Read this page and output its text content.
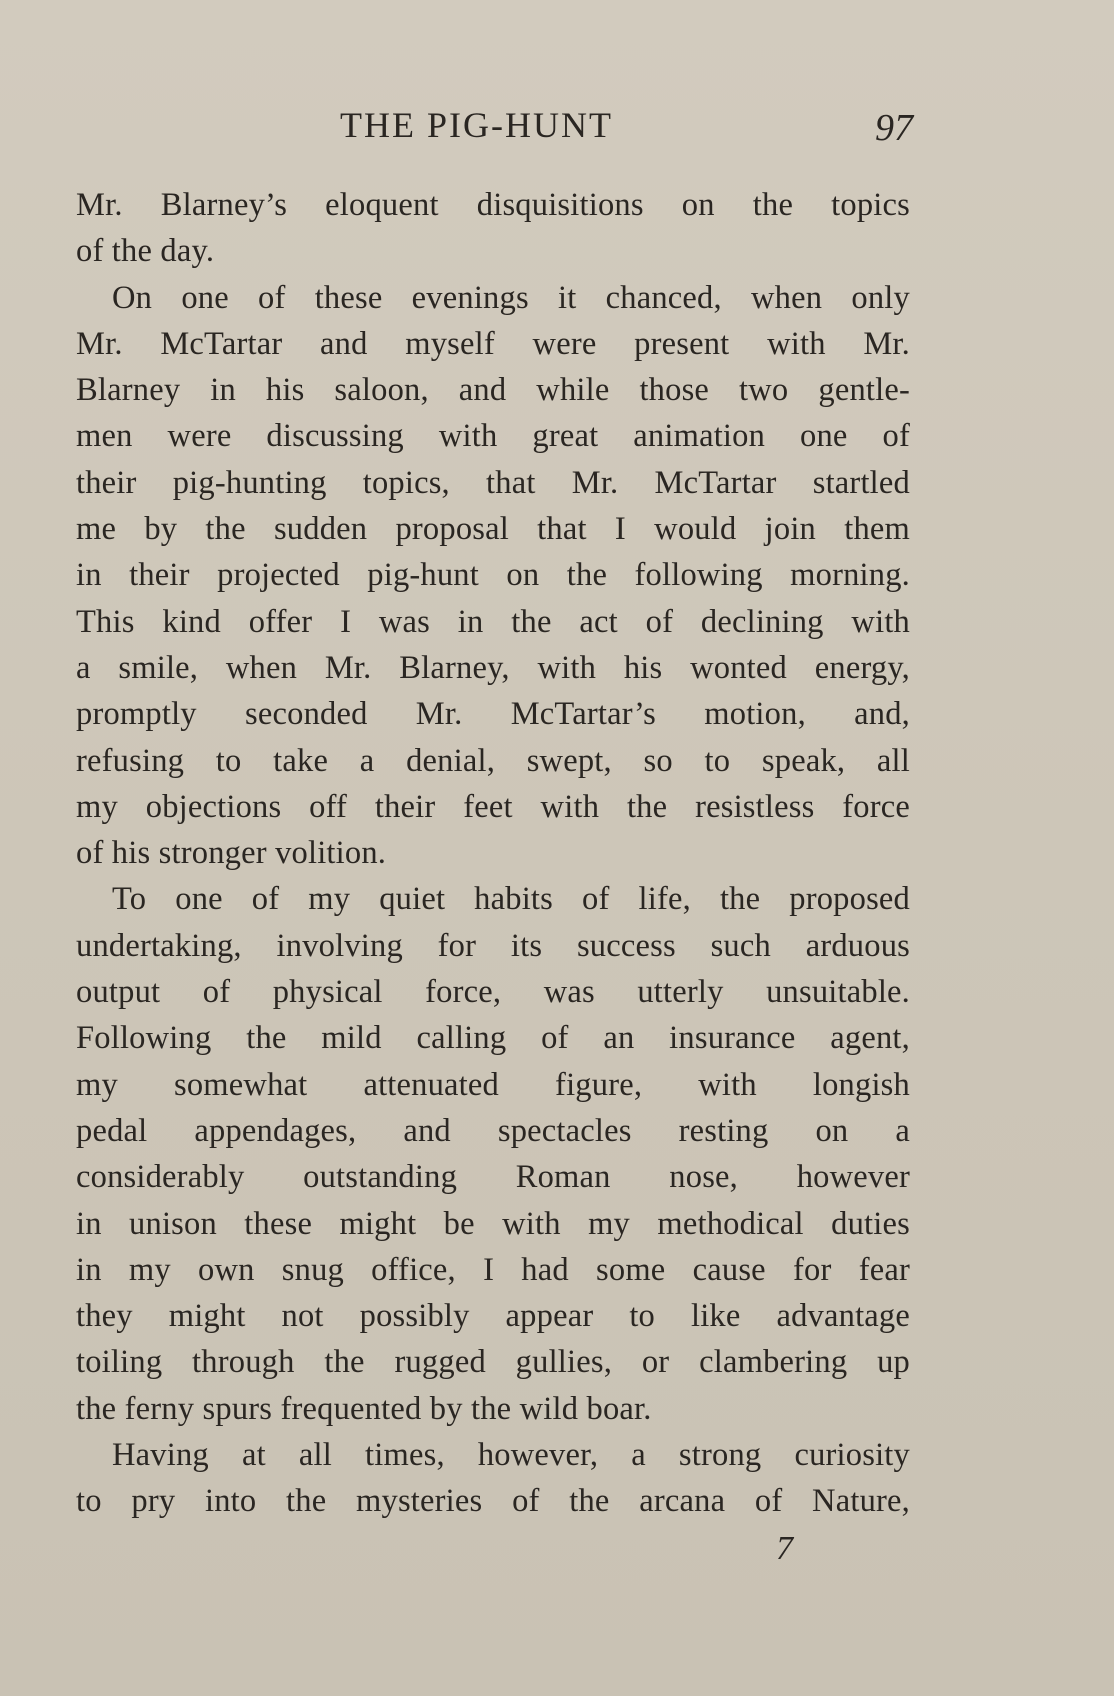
THE PIG-HUNT	97
Mr. Blarney’s eloquent disquisitions on the topics
of the day.
On one of these evenings it chanced, when only
Mr. McTartar and myself were present with Mr.
Blarney in his saloon, and while those two gentle-
men were discussing with great animation one of
their pig-hunting topics, that Mr. McTartar startled
me by the sudden proposal that I would join them
in their projected pig-hunt on the following morning.
This kind offer I was in the act of declining with
a smile, when Mr. Blarney, with his wonted energy,
promptly seconded Mr. McTartar’s motion, and,
refusing to take a denial, swept, so to speak, all
my objections off their feet with the resistless force
of his stronger volition.
To one of my quiet habits of life, the proposed
undertaking, involving for its success such arduous
output of physical force, was utterly unsuitable.
Following the mild calling of an insurance agent,
my somewhat attenuated figure, with longish
pedal appendages, and spectacles resting on a
considerably outstanding Roman nose, however
in unison these might be with my methodical duties
in my own snug office, I had some cause for fear
they might not possibly appear to like advantage
toiling through the rugged gullies, or clambering up
the ferny spurs frequented by the wild boar.
Having at all times, however, a strong curiosity
to pry into the mysteries of the arcana of Nature,
7
